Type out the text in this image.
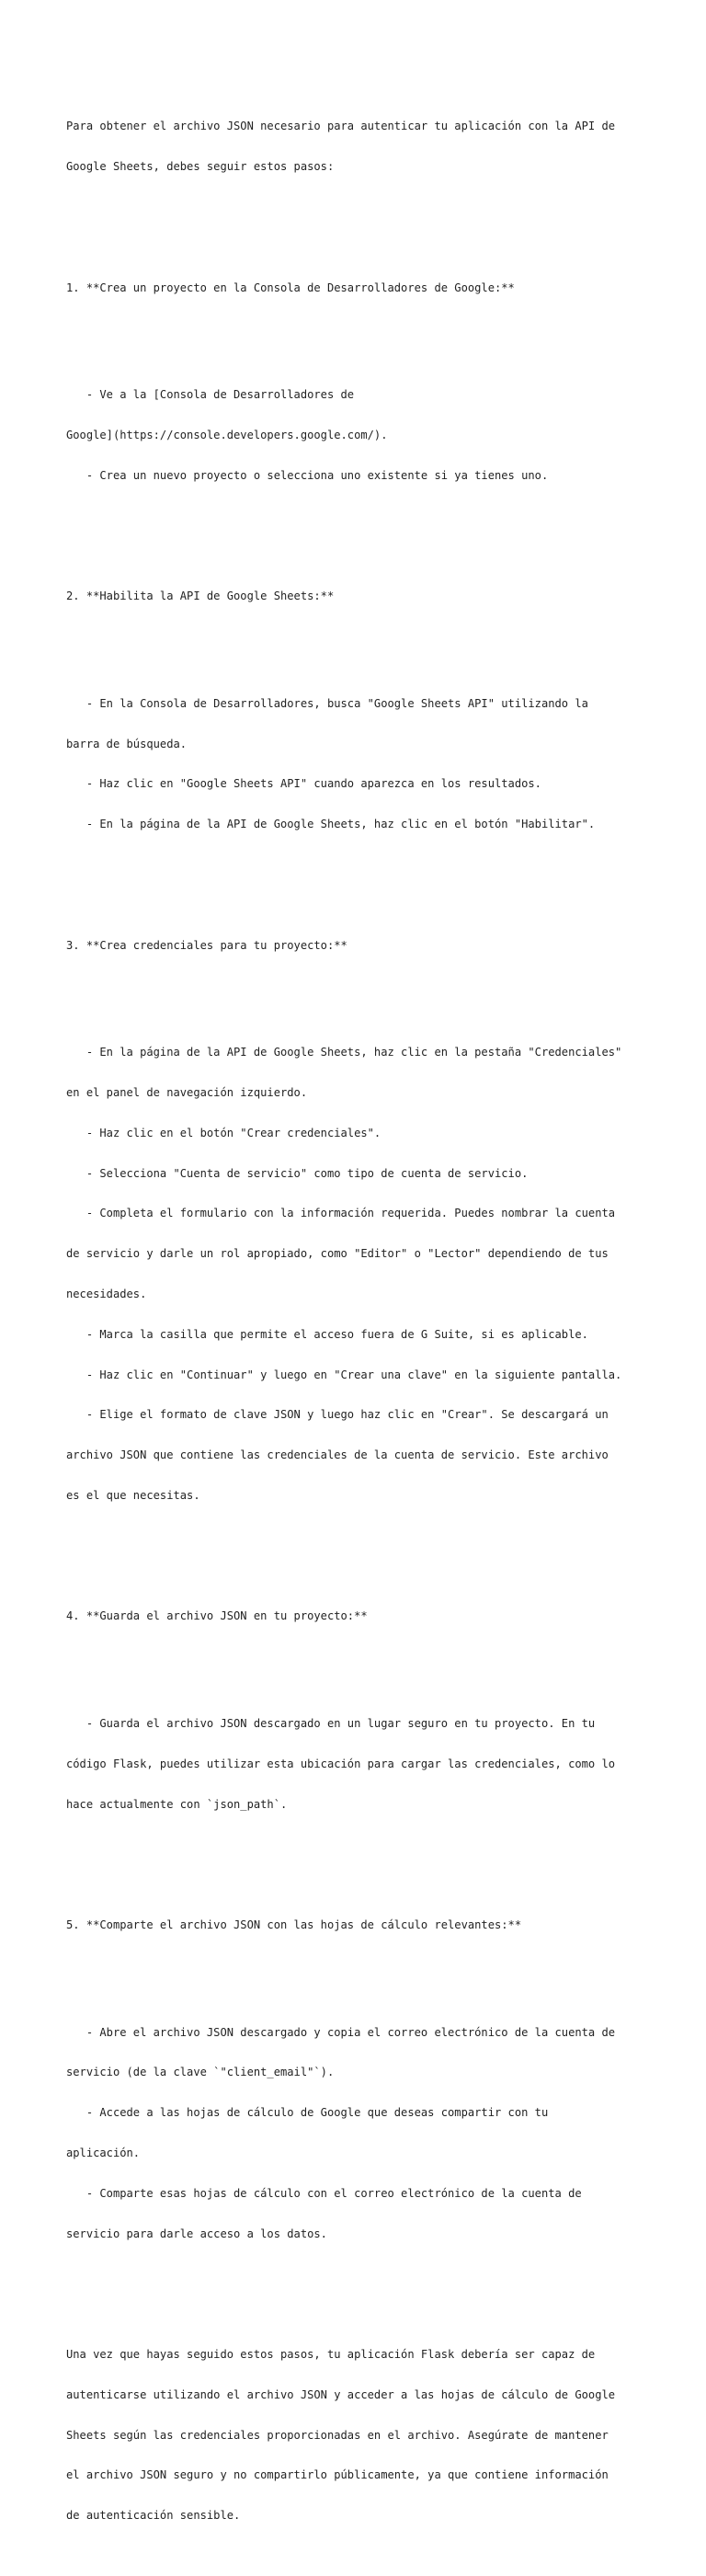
Para obtener el archivo JSON necesario para autenticar tu aplicación con la API de

Google Sheets, debes seguir estos pasos:

1. **Crea un proyecto en la Consola de Desarrolladores de Google:**

- Ve a la [Consola de Desarrolladores de

Google](https://console.developers.google.com/).

- Crea un nuevo proyecto o selecciona uno existente si ya tienes uno.

2. **Habilita la API de Google Sheets:**

- En la Consola de Desarrolladores, busca "Google Sheets API" utilizando la

barra de búsqueda.

- Haz clic en "Google Sheets API" cuando aparezca en los resultados.

- En la página de la API de Google Sheets, haz clic en el botón "Habilitar".

3. **Crea credenciales para tu proyecto:**

- En la página de la API de Google Sheets, haz clic en la pestaña "Credenciales"

en el panel de navegación izquierdo.

- Haz clic en el botón "Crear credenciales".

- Selecciona "Cuenta de servicio" como tipo de cuenta de servicio.

- Completa el formulario con la información requerida. Puedes nombrar la cuenta

de servicio y darle un rol apropiado, como "Editor" o "Lector" dependiendo de tus

necesidades.

- Marca la casilla que permite el acceso fuera de G Suite, si es aplicable.

- Haz clic en "Continuar" y luego en "Crear una clave" en la siguiente pantalla.

- Elige el formato de clave JSON y luego haz clic en "Crear". Se descargará un

archivo JSON que contiene las credenciales de la cuenta de servicio. Este archivo

es el que necesitas.

4. **Guarda el archivo JSON en tu proyecto:**

- Guarda el archivo JSON descargado en un lugar seguro en tu proyecto. En tu

código Flask, puedes utilizar esta ubicación para cargar las credenciales, como lo

hace actualmente con `json_path`.

5. **Comparte el archivo JSON con las hojas de cálculo relevantes:**

- Abre el archivo JSON descargado y copia el correo electrónico de la cuenta de

servicio (de la clave `"client_email"`).

- Accede a las hojas de cálculo de Google que deseas compartir con tu

aplicación.

- Comparte esas hojas de cálculo con el correo electrónico de la cuenta de

servicio para darle acceso a los datos.

Una vez que hayas seguido estos pasos, tu aplicación Flask debería ser capaz de

autenticarse utilizando el archivo JSON y acceder a las hojas de cálculo de Google

Sheets según las credenciales proporcionadas en el archivo. Asegúrate de mantener

el archivo JSON seguro y no compartirlo públicamente, ya que contiene información

de autenticación sensible.
